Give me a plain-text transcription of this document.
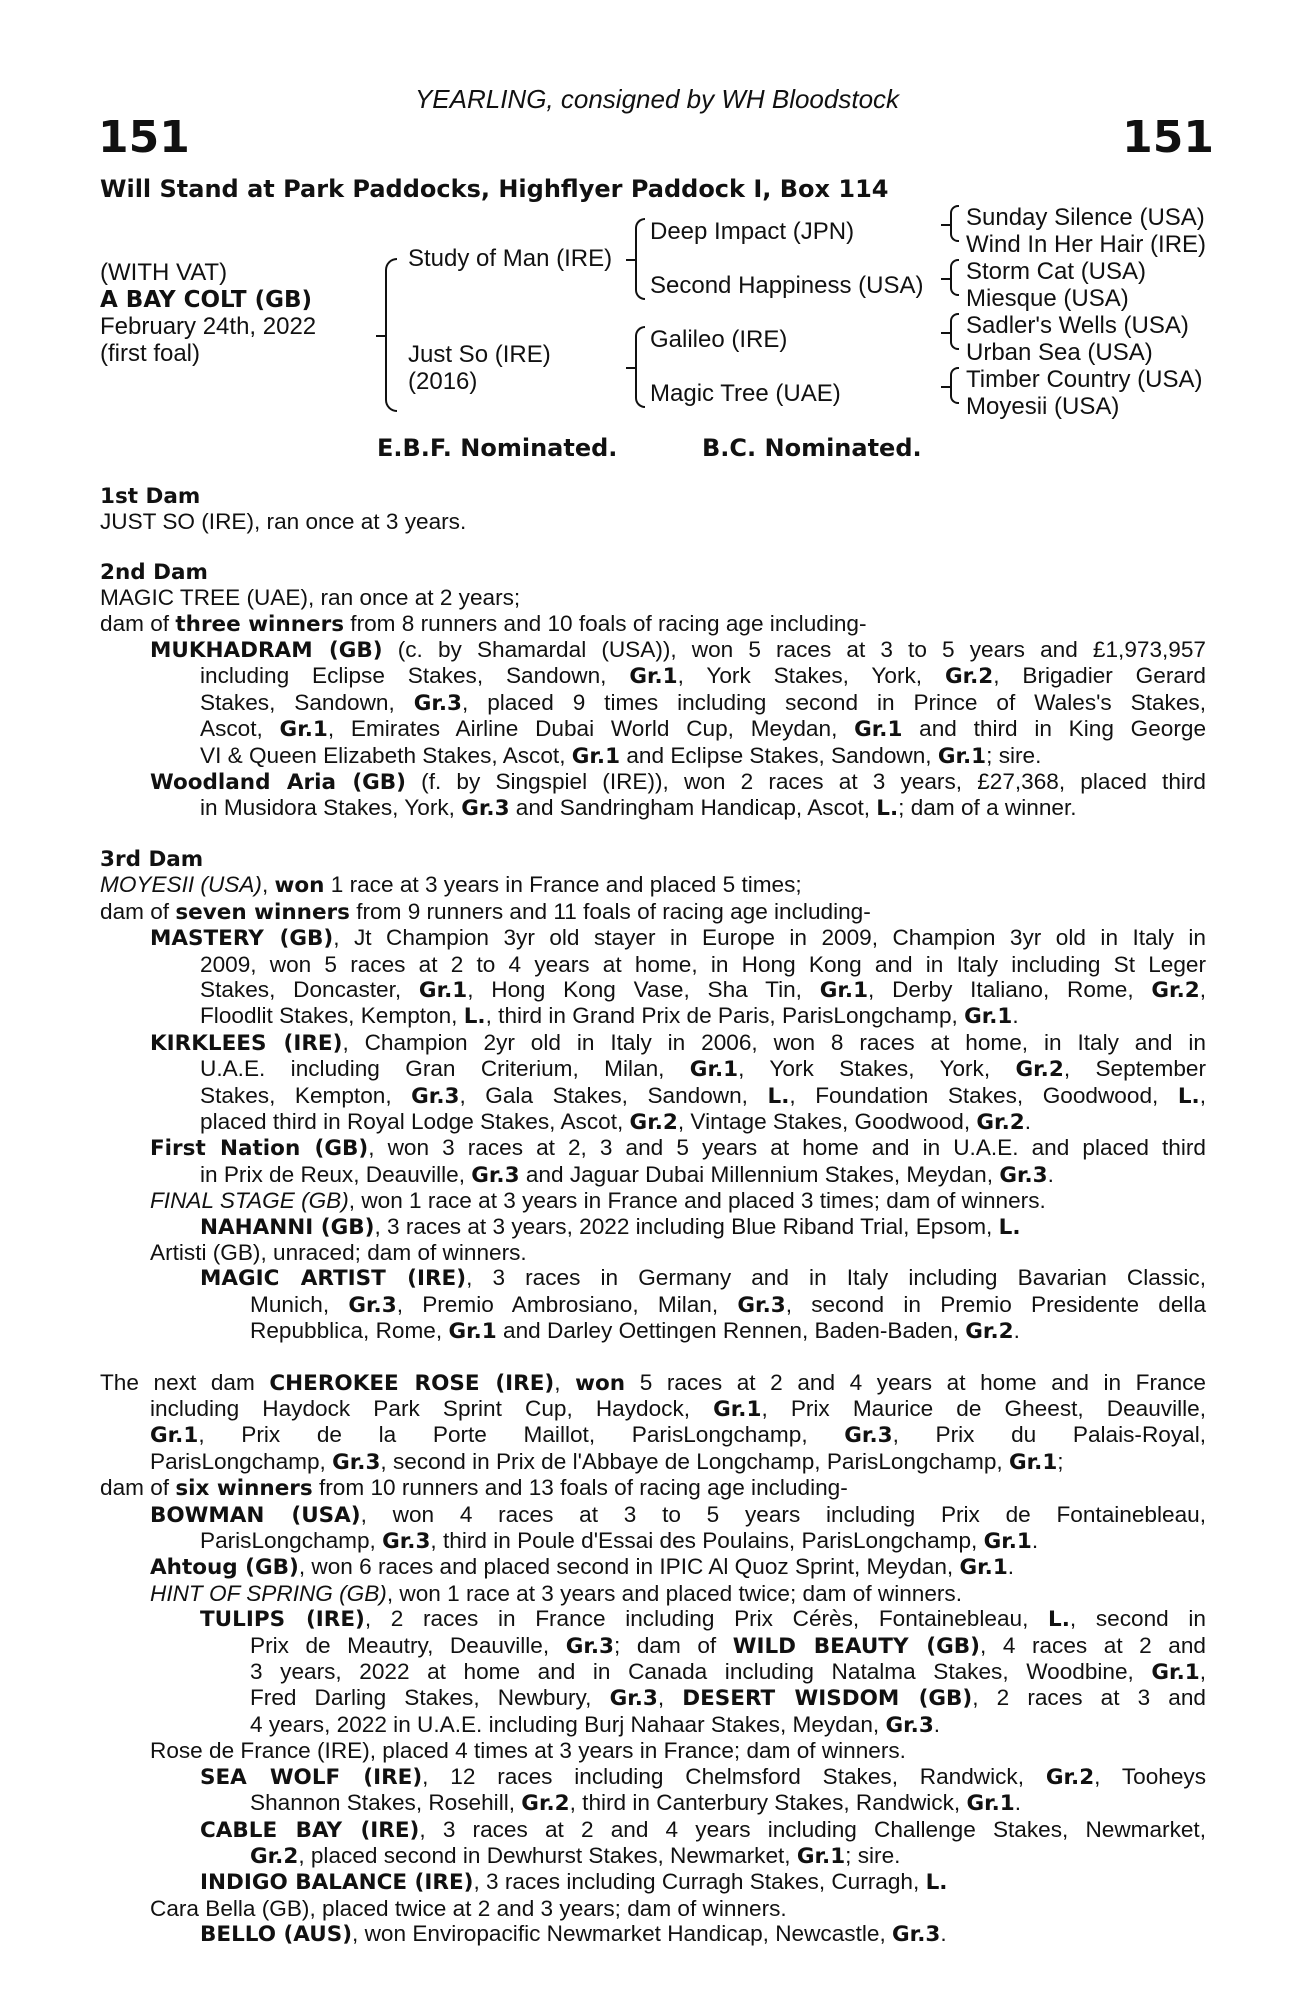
YEARLING, consigned by WH Bloodstock
151	151
Will Stand at Park Paddocks, Highflyer Paddock I, Box 114
(WITH VAT)
A BAY COLT (GB)
February 24th, 2022
(first foal)
Study of Man (IRE)
Just So (IRE)
(2016)
Deep Impact (JPN)
Second Happiness (USA)
Galileo (IRE)
Magic Tree (UAE)
Sunday Silence (USA)
Wind In Her Hair (IRE)
Storm Cat (USA)
Miesque (USA)
Sadler's Wells (USA)
Urban Sea (USA)
Timber Country (USA)
Moyesii (USA)
E.B.F. Nominated.	B.C. Nominated.
1st Dam
JUST SO (IRE), ran once at 3 years.
2nd Dam
MAGIC TREE (UAE), ran once at 2 years;
dam of three winners from 8 runners and 10 foals of racing age including-
MUKHADRAM (GB) (c. by Shamardal (USA)), won 5 races at 3 to 5 years and £1,973,957
including Eclipse Stakes, Sandown, Gr.1, York Stakes, York, Gr.2, Brigadier Gerard
Stakes, Sandown, Gr.3, placed 9 times including second in Prince of Wales's Stakes,
Ascot, Gr.1, Emirates Airline Dubai World Cup, Meydan, Gr.1 and third in King George
VI & Queen Elizabeth Stakes, Ascot, Gr.1 and Eclipse Stakes, Sandown, Gr.1; sire.
Woodland Aria (GB) (f. by Singspiel (IRE)), won 2 races at 3 years, £27,368, placed third
in Musidora Stakes, York, Gr.3 and Sandringham Handicap, Ascot, L.; dam of a winner.
3rd Dam
MOYESII (USA), won 1 race at 3 years in France and placed 5 times;
dam of seven winners from 9 runners and 11 foals of racing age including-
MASTERY (GB), Jt Champion 3yr old stayer in Europe in 2009, Champion 3yr old in Italy in
2009, won 5 races at 2 to 4 years at home, in Hong Kong and in Italy including St Leger
Stakes, Doncaster, Gr.1, Hong Kong Vase, Sha Tin, Gr.1, Derby Italiano, Rome, Gr.2,
Floodlit Stakes, Kempton, L., third in Grand Prix de Paris, ParisLongchamp, Gr.1.
KIRKLEES (IRE), Champion 2yr old in Italy in 2006, won 8 races at home, in Italy and in
U.A.E. including Gran Criterium, Milan, Gr.1, York Stakes, York, Gr.2, September
Stakes, Kempton, Gr.3, Gala Stakes, Sandown, L., Foundation Stakes, Goodwood, L.,
placed third in Royal Lodge Stakes, Ascot, Gr.2, Vintage Stakes, Goodwood, Gr.2.
First Nation (GB), won 3 races at 2, 3 and 5 years at home and in U.A.E. and placed third
in Prix de Reux, Deauville, Gr.3 and Jaguar Dubai Millennium Stakes, Meydan, Gr.3.
FINAL STAGE (GB), won 1 race at 3 years in France and placed 3 times; dam of winners.
NAHANNI (GB), 3 races at 3 years, 2022 including Blue Riband Trial, Epsom, L.
Artisti (GB), unraced; dam of winners.
MAGIC ARTIST (IRE), 3 races in Germany and in Italy including Bavarian Classic,
Munich, Gr.3, Premio Ambrosiano, Milan, Gr.3, second in Premio Presidente della
Repubblica, Rome, Gr.1 and Darley Oettingen Rennen, Baden-Baden, Gr.2.
The next dam CHEROKEE ROSE (IRE), won 5 races at 2 and 4 years at home and in France
including Haydock Park Sprint Cup, Haydock, Gr.1, Prix Maurice de Gheest, Deauville,
Gr.1, Prix de la Porte Maillot, ParisLongchamp, Gr.3, Prix du Palais-Royal,
ParisLongchamp, Gr.3, second in Prix de l'Abbaye de Longchamp, ParisLongchamp, Gr.1;
dam of six winners from 10 runners and 13 foals of racing age including-
BOWMAN (USA), won 4 races at 3 to 5 years including Prix de Fontainebleau,
ParisLongchamp, Gr.3, third in Poule d'Essai des Poulains, ParisLongchamp, Gr.1.
Ahtoug (GB), won 6 races and placed second in IPIC Al Quoz Sprint, Meydan, Gr.1.
HINT OF SPRING (GB), won 1 race at 3 years and placed twice; dam of winners.
TULIPS (IRE), 2 races in France including Prix Cérès, Fontainebleau, L., second in
Prix de Meautry, Deauville, Gr.3; dam of WILD BEAUTY (GB), 4 races at 2 and
3 years, 2022 at home and in Canada including Natalma Stakes, Woodbine, Gr.1,
Fred Darling Stakes, Newbury, Gr.3, DESERT WISDOM (GB), 2 races at 3 and
4 years, 2022 in U.A.E. including Burj Nahaar Stakes, Meydan, Gr.3.
Rose de France (IRE), placed 4 times at 3 years in France; dam of winners.
SEA WOLF (IRE), 12 races including Chelmsford Stakes, Randwick, Gr.2, Tooheys
Shannon Stakes, Rosehill, Gr.2, third in Canterbury Stakes, Randwick, Gr.1.
CABLE BAY (IRE), 3 races at 2 and 4 years including Challenge Stakes, Newmarket,
Gr.2, placed second in Dewhurst Stakes, Newmarket, Gr.1; sire.
INDIGO BALANCE (IRE), 3 races including Curragh Stakes, Curragh, L.
Cara Bella (GB), placed twice at 2 and 3 years; dam of winners.
BELLO (AUS), won Enviropacific Newmarket Handicap, Newcastle, Gr.3.
